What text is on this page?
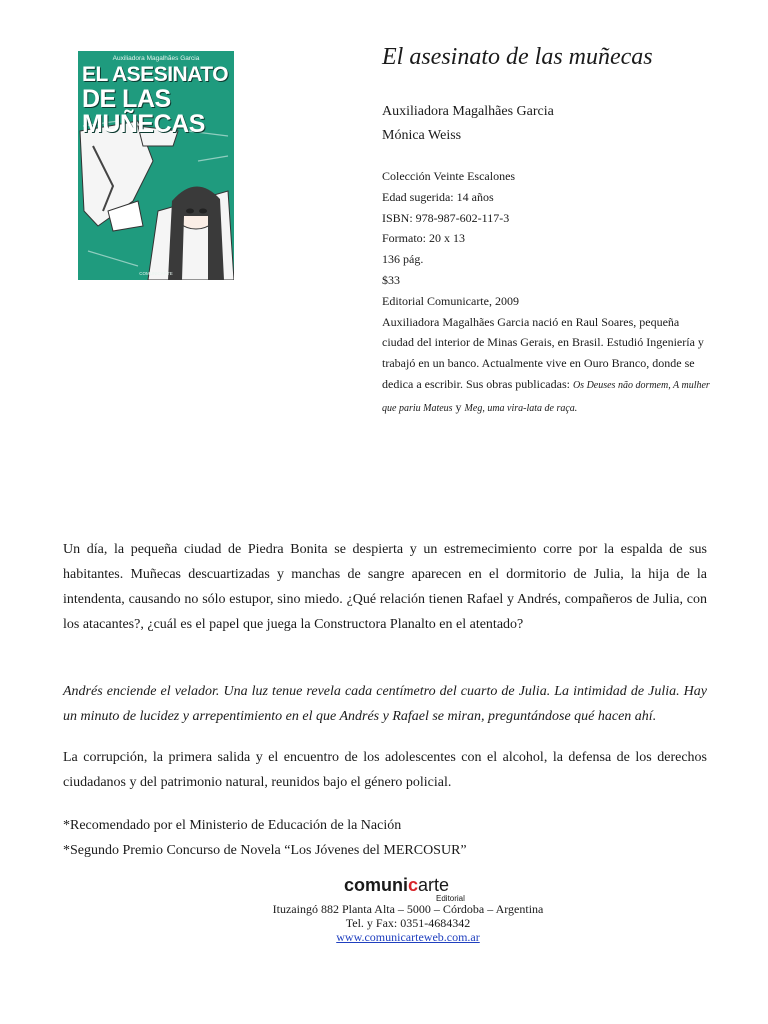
Auxiliadora Magalhães Garcia
EL ASESINATO
DE LAS MUÑECAS
COMUNICARTE
El asesinato de las muñecas
Auxiliadora Magalhães Garcia
Mónica Weiss
Colección Veinte Escalones
Edad sugerida: 14 años
ISBN: 978-987-602-117-3
Formato: 20 x 13
136 pág.
$33
Editorial Comunicarte, 2009
Auxiliadora Magalhães Garcia nació en Raul Soares, pequeña ciudad del interior de Minas Gerais, en Brasil. Estudió Ingeniería y trabajó en un banco. Actualmente vive en Ouro Branco, donde se dedica a escribir. Sus obras publicadas: Os Deuses não dormem, A mulher que pariu Mateus y Meg, uma vira-lata de raça.

Un día, la pequeña ciudad de Piedra Bonita se despierta y un estremecimiento corre por la espalda de sus habitantes. Muñecas descuartizadas y manchas de sangre aparecen en el dormitorio de Julia, la hija de la intendenta, causando no sólo estupor, sino miedo. ¿Qué relación tienen Rafael y Andrés, compañeros de Julia, con los atacantes?, ¿cuál es el papel que juega la Constructora Planalto en el atentado?

Andrés enciende el velador. Una luz tenue revela cada centímetro del cuarto de Julia. La intimidad de Julia. Hay un minuto de lucidez y arrepentimiento en el que Andrés y Rafael se miran, preguntándose qué hacen ahí.

La corrupción, la primera salida y el encuentro de los adolescentes con el alcohol, la defensa de los derechos ciudadanos y del patrimonio natural, reunidos bajo el género policial.

*Recomendado por el Ministerio de Educación de la Nación
*Segundo Premio Concurso de Novela “Los Jóvenes del MERCOSUR”
comunicarte
Editorial
Ituzaingó 882 Planta Alta – 5000 – Córdoba – Argentina
Tel. y Fax: 0351-4684342
www.comunicarteweb.com.ar
